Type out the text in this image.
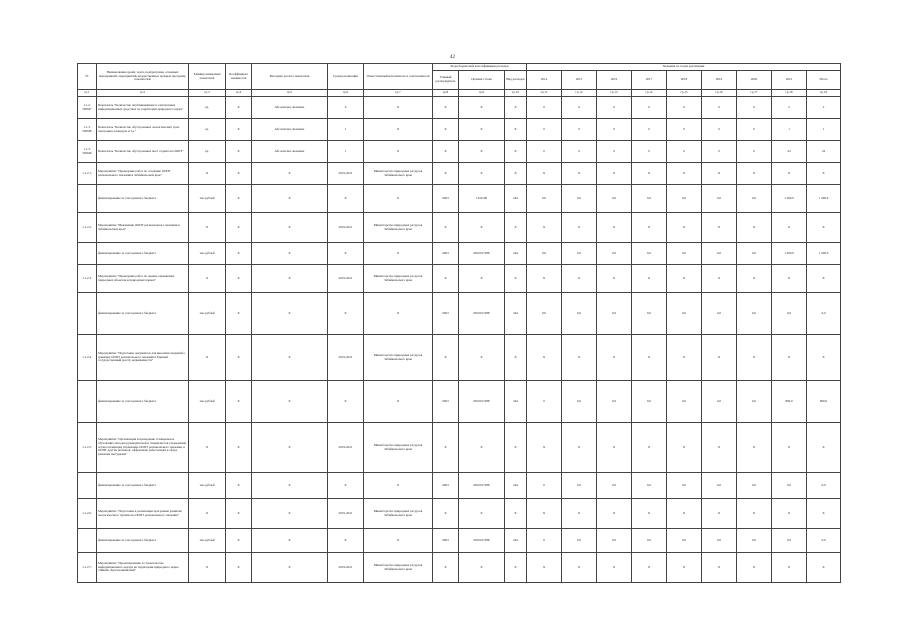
42
№	Наименование целей, задач, подпрограмм, основных мероприятий, мероприятий, ведомственных целевых программ, показателей	Единица измерения показателя	Коэффициент значимости	Методика расчета показателя	Сроки реализации	Ответственный исполнитель и соисполнители	Коды бюджетной классификации расходов			Значения по годам реализации								
							Главный распорядитель	Целевая статья	Вид расходов	2014	2015	2016	2017	2018	2019	2020	2021	Итого
гр.1	гр.2	гр.3	гр.4	гр.5	гр.6	гр.7	гр.8	гр.9	гр.10	гр.11	гр.12	гр.13	гр.14	гр.15	гр.16	гр.17	гр.18	гр.19
1.1.2. ПОМ7	Показатель "Количество опубликованных в электронных информационных средствах по территории природного парка"	ед.	X	Абсолютное значение	6	X	X	X	X	0	0	0	0	0	0	0	2	2
1.1.3. ПОМ8	Показатель "Количество обустроенных экологических троп, смотровых площадок и т.д."	ед.	X	Абсолютное значение	1	X	X	X	X	0	0	0	0	0	0	0	1	1
1.1.3. ПОМ9	Показатель "Количество обустроенных мест отдыха на ООПТ"	ед.	X	Абсолютное значение	1	X	X	X	X	0	0	0	0	0	0	0	24	24
1.1.2.1.	Мероприятие "Проведение работ по созданию ООПТ регионального значения в Забайкальском крае"	X	X	X	2019-2021	Министерство природных ресурсов Забайкальского края	X	X	X	X	X	X	X	X	X	X	X	X
	финансирование за счет краевого бюджета	тыс.рублей	X	X	X	X	0603	1324100	244	0,0	0,0	0,0	0,0	0,0	0,0	0,0	1 200,0	1 200,0
1.1.2.2.	Мероприятие "Межевание ООПТ регионального значения в Забайкальском крае"	X	X	X	2019-2021	Министерство природных ресурсов Забайкальского края	X	X	X	X	X	X	X	X	X	X	X	X
	финансирование за счет краевого бюджета	тыс.рублей	X	X	X	X	0603	0810107288	244	0,0	0,0	0,0	0,0	0,0	0,0	0,0	1 200,0	1 200,0
1.1.2.3.	Мероприятие "Проведение работ по оценке охраняемых природных объектов и природных парков"	X	X	X	2019-2021	Министерство природных ресурсов Забайкальского края	X	X	X	X	X	X	X	X	X	X	X	X
	финансирование за счет краевого бюджета	тыс.рублей	X	X	X	X	0603	0810107288	244	0,0	0,0	0,0	0,0	0,0	0,0	0,0	0,0	0,0
1.1.2.4.	Мероприятие "Подготовка документов для внесения сведений о границах ООПТ регионального значения в Единый государственный реестр недвижимости"	X	X	X	2019-2021	Министерство природных ресурсов Забайкальского края	X	X	X	X	X	X	X	X	X	X	X	X
	финансирование за счет краевого бюджета	тыс.рублей	X	X	X	X	0603	0810107288	244	0	0,0	0,0	0,0	0,0	0,0	0,0	800,0	800,0
1.1.2.5.	Мероприятие "Организация и проведение стажировок и обучающих методов руководителей и специалистов учреждений, осуществляющих управление ООПТ регионального значения, в ООПТ других регионов, эффективно работающих в сфере развития экотуризма"	X	X	X	2019-2021	Министерство природных ресурсов Забайкальского края	X	X	X	X	X	X	X	X	X	X	X	X
	финансирование за счет краевого бюджета	тыс.рублей	X	X	X	X	0603	0810107288	244	0	0,0	0,0	0,0	0,0	0,0	0,0	0,0	0,0
1.1.2.6.	Мероприятие "Подготовка к реализации программы развития экологического туризма на ООПТ регионального значения"	X	X	X	2019-2021	Министерство природных ресурсов Забайкальского края	X	X	X	X	X	X	X	X	X	X	X	X
	финансирование за счет краевого бюджета	тыс.рублей	X	X	X	X	0603	0810107288	244	0	0,0	0,0	0,0	0,0	0,0	0,0	0,0	0,0
1.1.2.7.	Мероприятие "Проектирование и строительство информационного центра на территории природного парка «Чикой» Красночикойский"	X	X	X	2019-2021	Министерство природных ресурсов Забайкальского края	X	X	X	X	X	X	X	X	X	X	X	X
